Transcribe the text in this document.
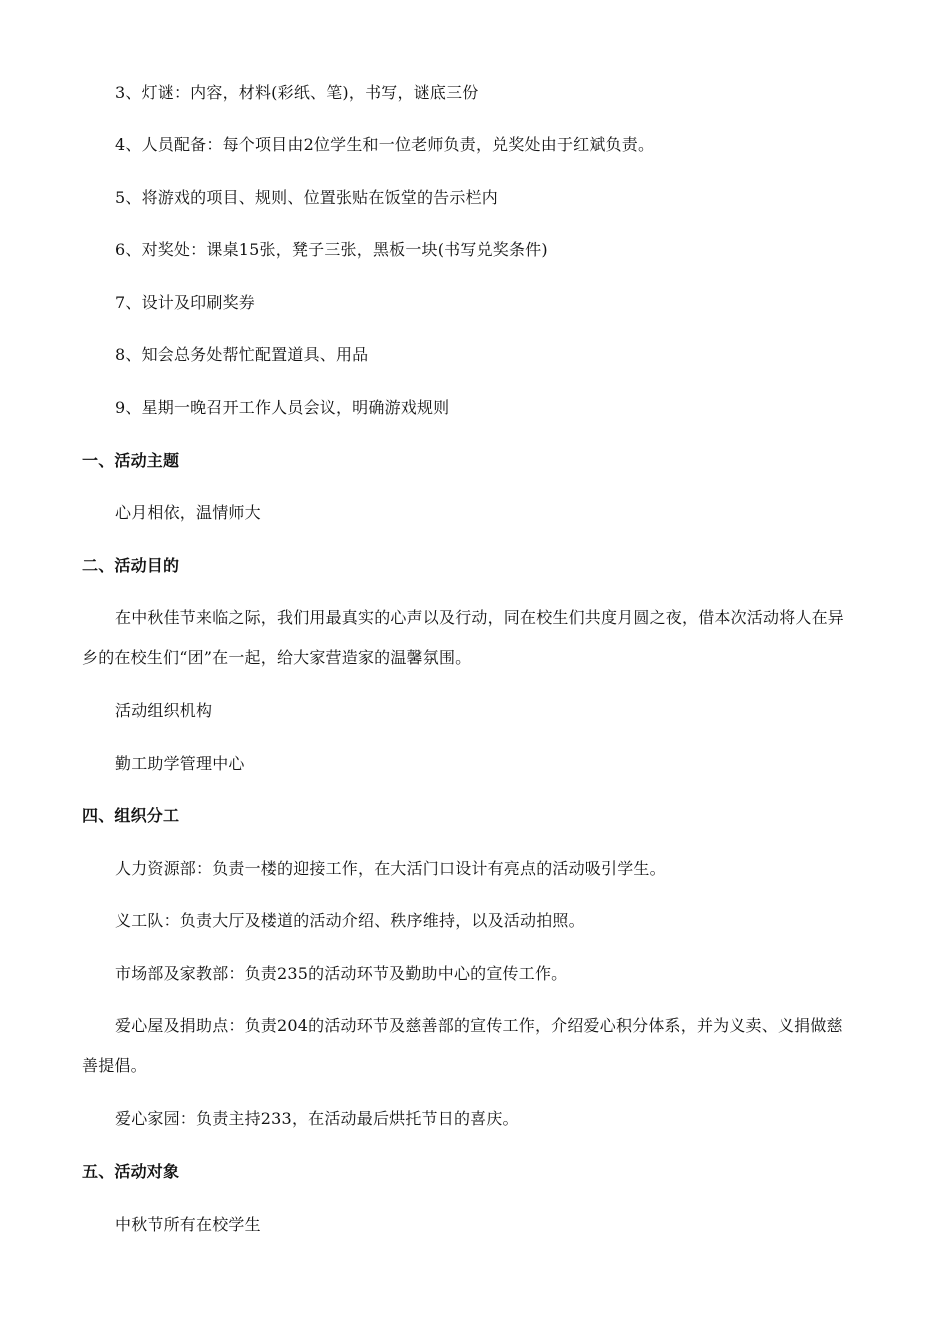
3、灯谜：内容，材料(彩纸、笔)，书写，谜底三份
4、人员配备：每个项目由2位学生和一位老师负责，兑奖处由于红斌负责。
5、将游戏的项目、规则、位置张贴在饭堂的告示栏内
6、对奖处：课桌15张，凳子三张，黑板一块(书写兑奖条件)
7、设计及印刷奖券
8、知会总务处帮忙配置道具、用品
9、星期一晚召开工作人员会议，明确游戏规则
一、活动主题
心月相依，温情师大
二、活动目的
在中秋佳节来临之际，我们用最真实的心声以及行动，同在校生们共度月圆之夜，借本次活动将人在异乡的在校生们“团”在一起，给大家营造家的温馨氛围。
活动组织机构
勤工助学管理中心
四、组织分工
人力资源部：负责一楼的迎接工作，在大活门口设计有亮点的活动吸引学生。
义工队：负责大厅及楼道的活动介绍、秩序维持，以及活动拍照。
市场部及家教部：负责235的活动环节及勤助中心的宣传工作。
爱心屋及捐助点：负责204的活动环节及慈善部的宣传工作，介绍爱心积分体系，并为义卖、义捐做慈善提倡。
爱心家园：负责主持233，在活动最后烘托节日的喜庆。
五、活动对象
中秋节所有在校学生
